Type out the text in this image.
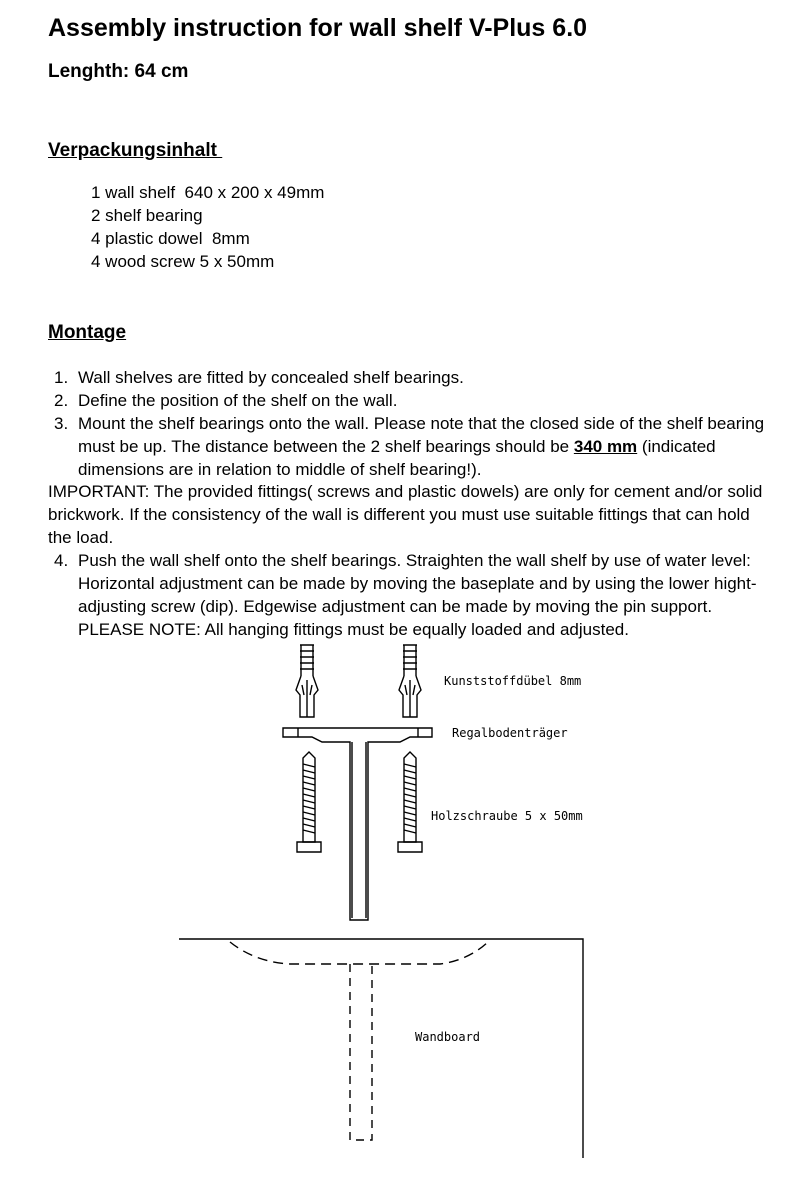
Assembly instruction for wall shelf V-Plus 6.0
Lenghth: 64 cm
Verpackungsinhalt
1 wall shelf  640 x 200 x 49mm
2 shelf bearing
4 plastic dowel  8mm
4 wood screw 5 x 50mm
Montage
1. Wall shelves are fitted by concealed shelf bearings.
2. Define the position of the shelf on the wall.
3. Mount the shelf bearings onto the wall. Please note that the closed side of the shelf bearing must be up. The distance between the 2 shelf bearings should be 340 mm (indicated dimensions are in relation to middle of shelf bearing!).

IMPORTANT: The provided fittings( screws and plastic dowels) are only for cement and/or solid brickwork. If the consistency of the wall is different you must use suitable fittings that can hold the load.

4. Push the wall shelf onto the shelf bearings. Straighten the wall shelf by use of water level: Horizontal adjustment can be made by moving the baseplate and by using the lower hight-adjusting screw (dip). Edgewise adjustment can be made by moving the pin support. PLEASE NOTE: All hanging fittings must be equally loaded and adjusted.
Kunststoffdübel 8mm
Regalbodenträger
Holzschraube 5 x 50mm
Wandboard
